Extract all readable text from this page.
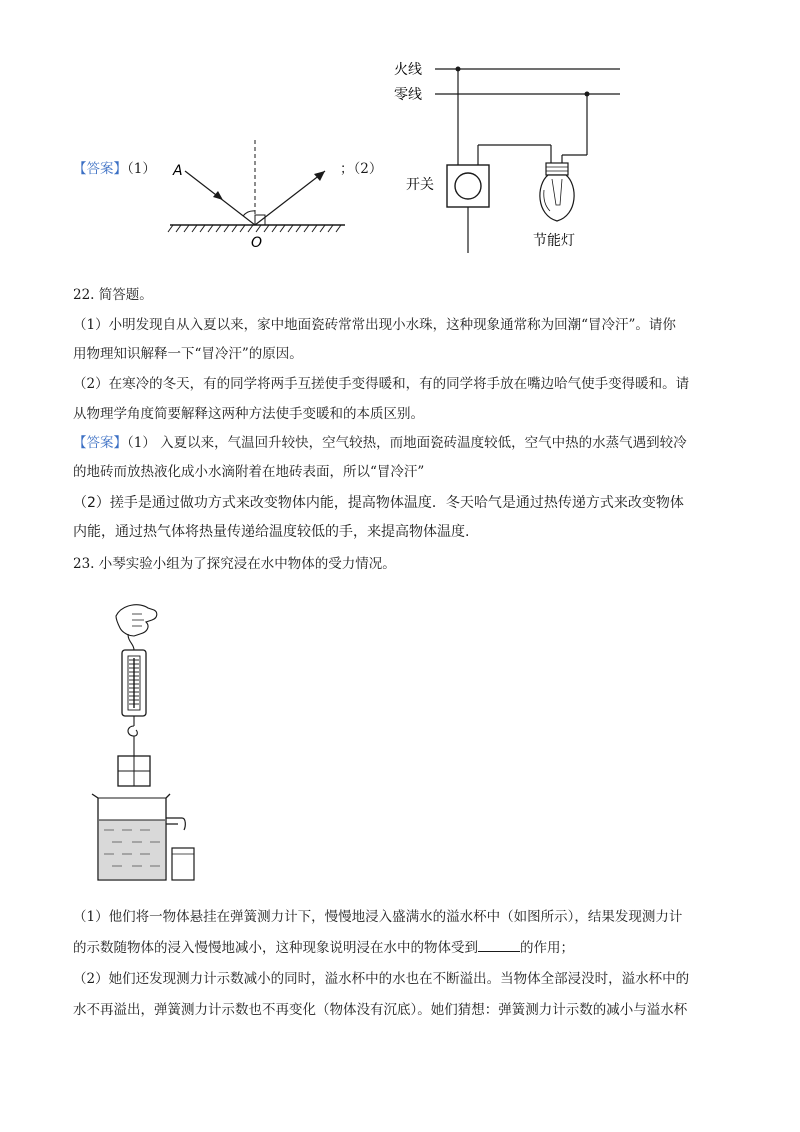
【答案】（1） A
O
；（2）
火线
零线
开关
节能灯
22. 简答题。
（1）小明发现自从入夏以来，家中地面瓷砖常常出现小水珠，这种现象通常称为回潮“冒冷汗”。请你
用物理知识解释一下“冒冷汗”的原因。
（2）在寒冷的冬天，有的同学将两手互搓使手变得暖和，有的同学将手放在嘴边哈气使手变得暖和。请
从物理学角度简要解释这两种方法使手变暖和的本质区别。
【答案】（1） 入夏以来，气温回升较快，空气较热，而地面瓷砖温度较低，空气中热的水蒸气遇到较冷
的地砖而放热液化成小水滴附着在地砖表面，所以“冒冷汗”
（2）搓手是通过做功方式来改变物体内能，提高物体温度．冬天哈气是通过热传递方式来改变物体
内能，通过热气体将热量传递给温度较低的手，来提高物体温度.
23. 小琴实验小组为了探究浸在水中物体的受力情况。
（1）他们将一物体悬挂在弹簧测力计下，慢慢地浸入盛满水的溢水杯中（如图所示），结果发现测力计
的示数随物体的浸入慢慢地减小，这种现象说明浸在水中的物体受到	的作用；
（2）她们还发现测力计示数减小的同时，溢水杯中的水也在不断溢出。当物体全部浸没时，溢水杯中的
水不再溢出，弹簧测力计示数也不再变化（物体没有沉底）。她们猜想：弹簧测力计示数的减小与溢水杯
